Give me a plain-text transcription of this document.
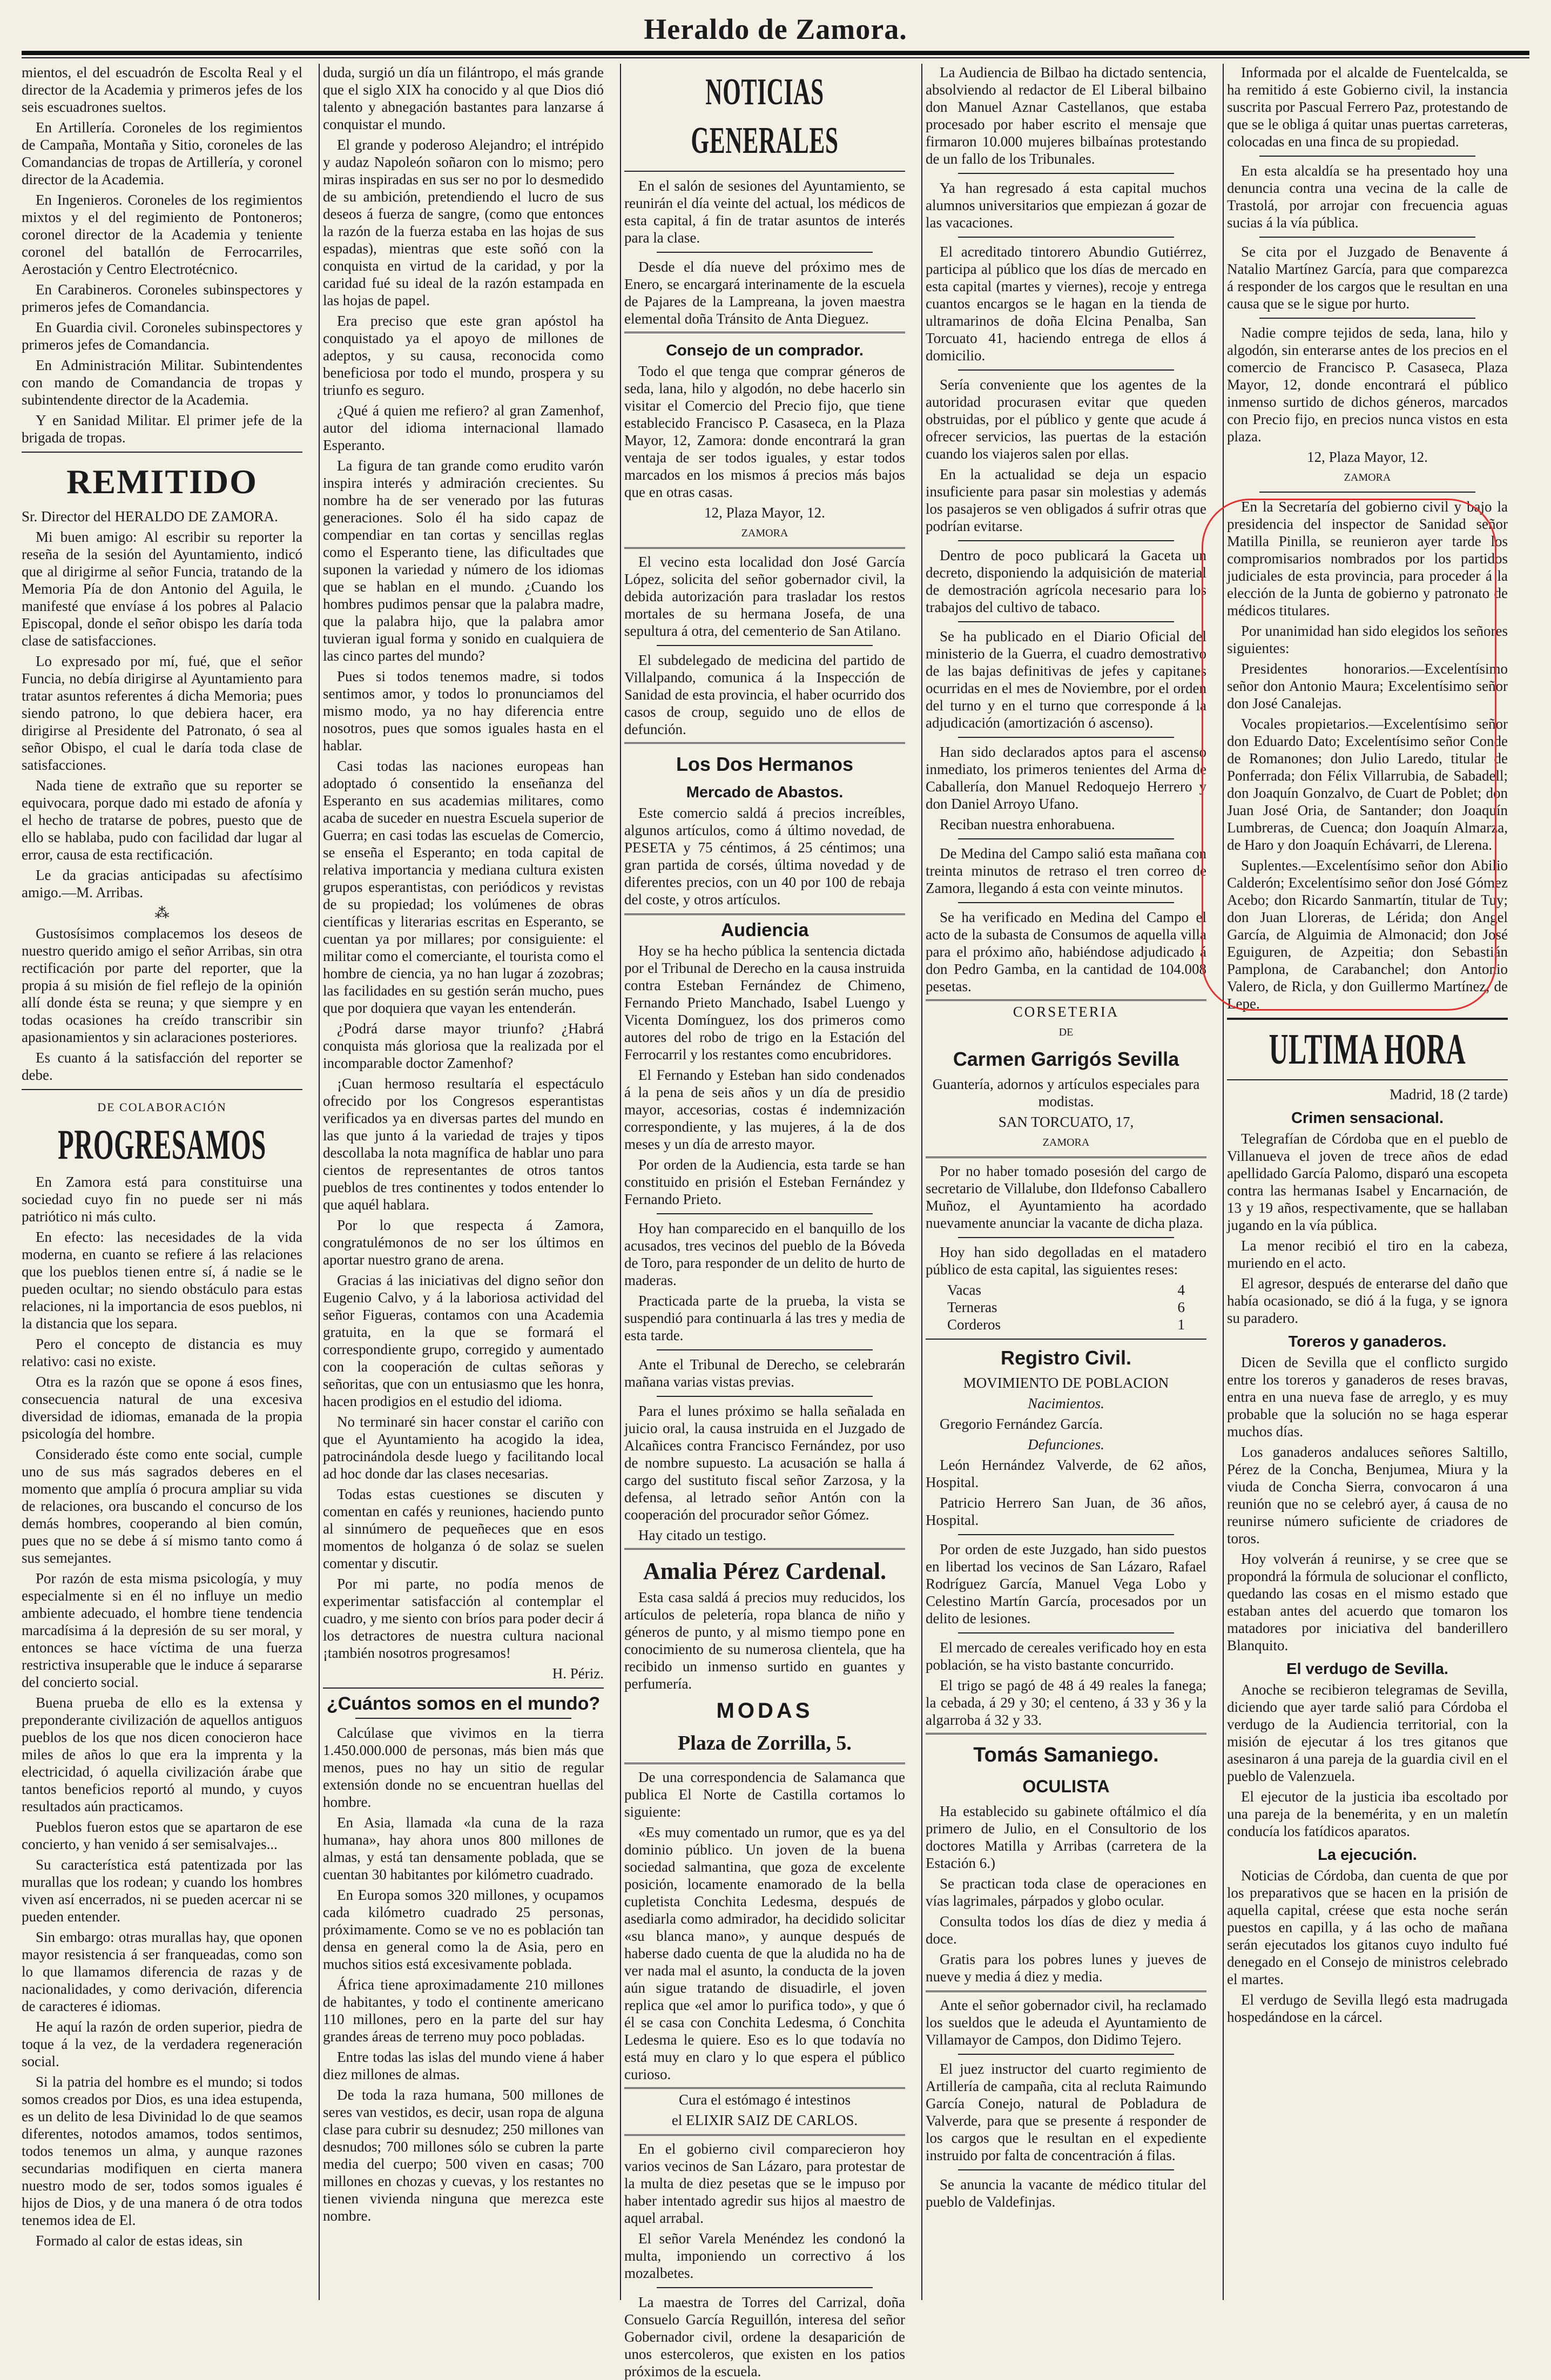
Heraldo de Zamora.

mientos, el del escuadrón de Escolta Real y el director de la Academia y primeros jefes de los seis escuadrones sueltos.

En Artillería. Coroneles de los regimientos de Campaña, Montaña y Sitio, coroneles de las Comandancias de tropas de Artillería, y coronel director de la Academia.

En Ingenieros. Coroneles de los regimientos mixtos y el del regimiento de Pontoneros; coronel director de la Academia y teniente coronel del batallón de Ferrocarriles, Aerostación y Centro Electrotécnico.

En Carabineros. Coroneles subinspectores y primeros jefes de Comandancia.

En Guardia civil. Coroneles subinspectores y primeros jefes de Comandancia.

En Administración Militar. Subintendentes con mando de Comandancia de tropas y subintendente director de la Academia.

Y en Sanidad Militar. El primer jefe de la brigada de tropas.

REMITIDO

Sr. Director del HERALDO DE ZAMORA.

Mi buen amigo: Al escribir su reporter la reseña de la sesión del Ayuntamiento, indicó que al dirigirme al señor Funcia, tratando de la Memoria Pía de don Antonio del Aguila, le manifesté que envíase á los pobres al Palacio Episcopal, donde el señor obispo les daría toda clase de satisfacciones.

Lo expresado por mí, fué, que el señor Funcia, no debía dirigirse al Ayuntamiento para tratar asuntos referentes á dicha Memoria; pues siendo patrono, lo que debiera hacer, era dirigirse al Presidente del Patronato, ó sea al señor Obispo, el cual le daría toda clase de satisfacciones.

Nada tiene de extraño que su reporter se equivocara, porque dado mi estado de afonía y el hecho de tratarse de pobres, puesto que de ello se hablaba, pudo con facilidad dar lugar al error, causa de esta rectificación.

Le da gracias anticipadas su afectísimo amigo.—M. Arribas.

⁂

Gustosísimos complacemos los deseos de nuestro querido amigo el señor Arribas, sin otra rectificación por parte del reporter, que la propia á su misión de fiel reflejo de la opinión allí donde ésta se reuna; y que siempre y en todas ocasiones ha creído transcribir sin apasionamientos y sin aclaraciones posteriores.

Es cuanto á la satisfacción del reporter se debe.

DE COLABORACIÓN
PROGRESAMOS

En Zamora está para constituirse una sociedad cuyo fin no puede ser ni más patriótico ni más culto.

En efecto: las necesidades de la vida moderna, en cuanto se refiere á las relaciones que los pueblos tienen entre sí, á nadie se le pueden ocultar; no siendo obstáculo para estas relaciones, ni la importancia de esos pueblos, ni la distancia que los separa.

Pero el concepto de distancia es muy relativo: casi no existe.

Otra es la razón que se opone á esos fines, consecuencia natural de una excesiva diversidad de idiomas, emanada de la propia psicología del hombre.

Considerado éste como ente social, cumple uno de sus más sagrados deberes en el momento que amplía ó procura ampliar su vida de relaciones, ora buscando el concurso de los demás hombres, cooperando al bien común, pues que no se debe á sí mismo tanto como á sus semejantes.

Por razón de esta misma psicología, y muy especialmente si en él no influye un medio ambiente adecuado, el hombre tiene tendencia marcadísima á la depresión de su ser moral, y entonces se hace víctima de una fuerza restrictiva insuperable que le induce á separarse del concierto social.

Buena prueba de ello es la extensa y preponderante civilización de aquellos antiguos pueblos de los que nos dicen conocieron hace miles de años lo que era la imprenta y la electricidad, ó aquella civilización árabe que tantos beneficios reportó al mundo, y cuyos resultados aún practicamos.

Pueblos fueron estos que se apartaron de ese concierto, y han venido á ser semisalvajes...

Su característica está patentizada por las murallas que los rodean; y cuando los hombres viven así encerrados, ni se pueden acercar ni se pueden entender.

Sin embargo: otras murallas hay, que oponen mayor resistencia á ser franqueadas, como son lo que llamamos diferencia de razas y de nacionalidades, y como derivación, diferencia de caracteres é idiomas.

He aquí la razón de orden superior, piedra de toque á la vez, de la verdadera regeneración social.

Si la patria del hombre es el mundo; si todos somos creados por Dios, es una idea estupenda, es un delito de lesa Divinidad lo de que seamos diferentes, notodos amamos, todos sentimos, todos tenemos un alma, y aunque razones secundarias modifiquen en cierta manera nuestro modo de ser, todos somos iguales é hijos de Dios, y de una manera ó de otra todos tenemos idea de El.

Formado al calor de estas ideas, sin

duda, surgió un día un filántropo, el más grande que el siglo XIX ha conocido y al que Dios dió talento y abnegación bastantes para lanzarse á conquistar el mundo.

El grande y poderoso Alejandro; el intrépido y audaz Napoleón soñaron con lo mismo; pero miras inspiradas en sus ser no por lo desmedido de su ambición, pretendiendo el lucro de sus deseos á fuerza de sangre, (como que entonces la razón de la fuerza estaba en las hojas de sus espadas), mientras que este soñó con la conquista en virtud de la caridad, y por la caridad fué su ideal de la razón estampada en las hojas de papel.

Era preciso que este gran apóstol ha conquistado ya el apoyo de millones de adeptos, y su causa, reconocida como beneficiosa por todo el mundo, prospera y su triunfo es seguro.

¿Qué á quien me refiero? al gran Zamenhof, autor del idioma internacional llamado Esperanto.

La figura de tan grande como erudito varón inspira interés y admiración crecientes. Su nombre ha de ser venerado por las futuras generaciones. Solo él ha sido capaz de compendiar en tan cortas y sencillas reglas como el Esperanto tiene, las dificultades que suponen la variedad y número de los idiomas que se hablan en el mundo. ¿Cuando los hombres pudimos pensar que la palabra madre, que la palabra hijo, que la palabra amor tuvieran igual forma y sonido en cualquiera de las cinco partes del mundo?

Pues si todos tenemos madre, si todos sentimos amor, y todos lo pronunciamos del mismo modo, ya no hay diferencia entre nosotros, pues que somos iguales hasta en el hablar.

Casi todas las naciones europeas han adoptado ó consentido la enseñanza del Esperanto en sus academias militares, como acaba de suceder en nuestra Escuela superior de Guerra; en casi todas las escuelas de Comercio, se enseña el Esperanto; en toda capital de relativa importancia y mediana cultura existen grupos esperantistas, con periódicos y revistas de su propiedad; los volúmenes de obras científicas y literarias escritas en Esperanto, se cuentan ya por millares; por consiguiente: el militar como el comerciante, el tourista como el hombre de ciencia, ya no han lugar á zozobras; las facilidades en su gestión serán mucho, pues que por doquiera que vayan les entenderán.

¿Podrá darse mayor triunfo? ¿Habrá conquista más gloriosa que la realizada por el incomparable doctor Zamenhof?

¡Cuan hermoso resultaría el espectáculo ofrecido por los Congresos esperantistas verificados ya en diversas partes del mundo en las que junto á la variedad de trajes y tipos descollaba la nota magnífica de hablar uno para cientos de representantes de otros tantos pueblos de tres continentes y todos entender lo que aquél hablara.

Por lo que respecta á Zamora, congratulémonos de no ser los últimos en aportar nuestro grano de arena.

Gracias á las iniciativas del digno señor don Eugenio Calvo, y á la laboriosa actividad del señor Figueras, contamos con una Academia gratuita, en la que se formará el correspondiente grupo, corregido y aumentado con la cooperación de cultas señoras y señoritas, que con un entusiasmo que les honra, hacen prodigios en el estudio del idioma.

No terminaré sin hacer constar el cariño con que el Ayuntamiento ha acogido la idea, patrocinándola desde luego y facilitando local ad hoc donde dar las clases necesarias.

Todas estas cuestiones se discuten y comentan en cafés y reuniones, haciendo punto al sinnúmero de pequeñeces que en esos momentos de holganza ó de solaz se suelen comentar y discutir.

Por mi parte, no podía menos de experimentar satisfacción al contemplar el cuadro, y me siento con bríos para poder decir á los detractores de nuestra cultura nacional ¡también nosotros progresamos!

H. Périz.

¿Cuántos somos en el mundo?

Calcúlase que vivimos en la tierra 1.450.000.000 de personas, más bien más que menos, pues no hay un sitio de regular extensión donde no se encuentran huellas del hombre.

En Asia, llamada «la cuna de la raza humana», hay ahora unos 800 millones de almas, y está tan densamente poblada, que se cuentan 30 habitantes por kilómetro cuadrado.

En Europa somos 320 millones, y ocupamos cada kilómetro cuadrado 25 personas, próximamente. Como se ve no es población tan densa en general como la de Asia, pero en muchos sitios está excesivamente poblada.

África tiene aproximadamente 210 millones de habitantes, y todo el continente americano 110 millones, pero en la parte del sur hay grandes áreas de terreno muy poco pobladas.

Entre todas las islas del mundo viene á haber diez millones de almas.

De toda la raza humana, 500 millones de seres van vestidos, es decir, usan ropa de alguna clase para cubrir su desnudez; 250 millones van desnudos; 700 millones sólo se cubren la parte media del cuerpo; 500 viven en casas; 700 millones en chozas y cuevas, y los restantes no tienen vivienda ninguna que merezca este nombre.

NOTICIAS GENERALES

En el salón de sesiones del Ayuntamiento, se reunirán el día veinte del actual, los médicos de esta capital, á fin de tratar asuntos de interés para la clase.

Desde el día nueve del próximo mes de Enero, se encargará interinamente de la escuela de Pajares de la Lampreana, la joven maestra elemental doña Tránsito de Anta Dieguez.

Consejo de un comprador.

Todo el que tenga que comprar géneros de seda, lana, hilo y algodón, no debe hacerlo sin visitar el Comercio del Precio fijo, que tiene establecido Francisco P. Casaseca, en la Plaza Mayor, 12, Zamora: donde encontrará la gran ventaja de ser todos iguales, y estar todos marcados en los mismos á precios más bajos que en otras casas.

12, Plaza Mayor, 12.

ZAMORA

El vecino esta localidad don José García López, solicita del señor gobernador civil, la debida autorización para trasladar los restos mortales de su hermana Josefa, de una sepultura á otra, del cementerio de San Atilano.

El subdelegado de medicina del partido de Villalpando, comunica á la Inspección de Sanidad de esta provincia, el haber ocurrido dos casos de croup, seguido uno de ellos de defunción.

Los Dos Hermanos
Mercado de Abastos.

Este comercio saldá á precios increíbles, algunos artículos, como á último novedad, de PESETA y 75 céntimos, á 25 céntimos; una gran partida de corsés, última novedad y de diferentes precios, con un 40 por 100 de rebaja del coste, y otros artículos.

Audiencia

Hoy se ha hecho pública la sentencia dictada por el Tribunal de Derecho en la causa instruida contra Esteban Fernández de Chimeno, Fernando Prieto Manchado, Isabel Luengo y Vicenta Domínguez, los dos primeros como autores del robo de trigo en la Estación del Ferrocarril y los restantes como encubridores.

El Fernando y Esteban han sido condenados á la pena de seis años y un día de presidio mayor, accesorias, costas é indemnización correspondiente, y las mujeres, á la de dos meses y un día de arresto mayor.

Por orden de la Audiencia, esta tarde se han constituido en prisión el Esteban Fernández y Fernando Prieto.

Hoy han comparecido en el banquillo de los acusados, tres vecinos del pueblo de la Bóveda de Toro, para responder de un delito de hurto de maderas.

Practicada parte de la prueba, la vista se suspendió para continuarla á las tres y media de esta tarde.

Ante el Tribunal de Derecho, se celebrarán mañana varias vistas previas.

Para el lunes próximo se halla señalada en juicio oral, la causa instruida en el Juzgado de Alcañices contra Francisco Fernández, por uso de nombre supuesto. La acusación se halla á cargo del sustituto fiscal señor Zarzosa, y la defensa, al letrado señor Antón con la cooperación del procurador señor Gómez.

Hay citado un testigo.

Amalia Pérez Cardenal.

Esta casa saldá á precios muy reducidos, los artículos de peletería, ropa blanca de niño y géneros de punto, y al mismo tiempo pone en conocimiento de su numerosa clientela, que ha recibido un inmenso surtido en guantes y perfumería.

MODAS
Plaza de Zorrilla, 5.

De una correspondencia de Salamanca que publica El Norte de Castilla cortamos lo siguiente:

«Es muy comentado un rumor, que es ya del dominio público. Un joven de la buena sociedad salmantina, que goza de excelente posición, locamente enamorado de la bella cupletista Conchita Ledesma, después de asediarla como admirador, ha decidido solicitar «su blanca mano», y aunque después de haberse dado cuenta de que la aludida no ha de ver nada mal el asunto, la conducta de la joven aún sigue tratando de disuadirle, el joven replica que «el amor lo purifica todo», y que ó él se casa con Conchita Ledesma, ó Conchita Ledesma le quiere. Eso es lo que todavía no está muy en claro y lo que espera el público curioso.

Cura el estómago é intestinos

el ELIXIR SAIZ DE CARLOS.

En el gobierno civil comparecieron hoy varios vecinos de San Lázaro, para protestar de la multa de diez pesetas que se le impuso por haber intentado agredir sus hijos al maestro de aquel arrabal.

El señor Varela Menéndez les condonó la multa, imponiendo un correctivo á los mozalbetes.

La maestra de Torres del Carrizal, doña Consuelo García Reguillón, interesa del señor Gobernador civil, ordene la desaparición de unos estercoleros, que existen en los patios próximos de la escuela.

La Audiencia de Bilbao ha dictado sentencia, absolviendo al redactor de El Liberal bilbaino don Manuel Aznar Castellanos, que estaba procesado por haber escrito el mensaje que firmaron 10.000 mujeres bilbaínas protestando de un fallo de los Tribunales.

Ya han regresado á esta capital muchos alumnos universitarios que empiezan á gozar de las vacaciones.

El acreditado tintorero Abundio Gutiérrez, participa al público que los días de mercado en esta capital (martes y viernes), recoje y entrega cuantos encargos se le hagan en la tienda de ultramarinos de doña Elcina Penalba, San Torcuato 41, haciendo entrega de ellos á domicilio.

Sería conveniente que los agentes de la autoridad procurasen evitar que queden obstruidas, por el público y gente que acude á ofrecer servicios, las puertas de la estación cuando los viajeros salen por ellas.

En la actualidad se deja un espacio insuficiente para pasar sin molestias y además los pasajeros se ven obligados á sufrir otras que podrían evitarse.

Dentro de poco publicará la Gaceta un decreto, disponiendo la adquisición de material de demostración agrícola necesario para los trabajos del cultivo de tabaco.

Se ha publicado en el Diario Oficial del ministerio de la Guerra, el cuadro demostrativo de las bajas definitivas de jefes y capitanes ocurridas en el mes de Noviembre, por el orden del turno y en el turno que corresponde á la adjudicación (amortización ó ascenso).

Han sido declarados aptos para el ascenso inmediato, los primeros tenientes del Arma de Caballería, don Manuel Redoquejo Herrero y don Daniel Arroyo Ufano.

Reciban nuestra enhorabuena.

De Medina del Campo salió esta mañana con treinta minutos de retraso el tren correo de Zamora, llegando á esta con veinte minutos.

Se ha verificado en Medina del Campo el acto de la subasta de Consumos de aquella villa para el próximo año, habiéndose adjudicado á don Pedro Gamba, en la cantidad de 104.008 pesetas.

CORSETERIA

DE

Carmen Garrigós Sevilla

Guantería, adornos y artículos especiales para modistas.

SAN TORCUATO, 17,

ZAMORA

Por no haber tomado posesión del cargo de secretario de Villalube, don Ildefonso Caballero Muñoz, el Ayuntamiento ha acordado nuevamente anunciar la vacante de dicha plaza.

Hoy han sido degolladas en el matadero público de esta capital, las siguientes reses:

Vacas	4
Terneras	6
Corderos	1
Registro Civil.

MOVIMIENTO DE POBLACION

Nacimientos.

Gregorio Fernández García.

Defunciones.

León Hernández Valverde, de 62 años, Hospital.

Patricio Herrero San Juan, de 36 años, Hospital.

Por orden de este Juzgado, han sido puestos en libertad los vecinos de San Lázaro, Rafael Rodríguez García, Manuel Vega Lobo y Celestino Martín García, procesados por un delito de lesiones.

El mercado de cereales verificado hoy en esta población, se ha visto bastante concurrido.

El trigo se pagó de 48 á 49 reales la fanega; la cebada, á 29 y 30; el centeno, á 33 y 36 y la algarroba á 32 y 33.

Tomás Samaniego.
OCULISTA

Ha establecido su gabinete oftálmico el día primero de Julio, en el Consultorio de los doctores Matilla y Arribas (carretera de la Estación 6.)

Se practican toda clase de operaciones en vías lagrimales, párpados y globo ocular.

Consulta todos los días de diez y media á doce.

Gratis para los pobres lunes y jueves de nueve y media á diez y media.

Ante el señor gobernador civil, ha reclamado los sueldos que le adeuda el Ayuntamiento de Villamayor de Campos, don Didimo Tejero.

El juez instructor del cuarto regimiento de Artillería de campaña, cita al recluta Raimundo García Conejo, natural de Pobladura de Valverde, para que se presente á responder de los cargos que le resultan en el expediente instruido por falta de concentración á filas.

Se anuncia la vacante de médico titular del pueblo de Valdefinjas.

Informada por el alcalde de Fuentelcalda, se ha remitido á este Gobierno civil, la instancia suscrita por Pascual Ferrero Paz, protestando de que se le obliga á quitar unas puertas carreteras, colocadas en una finca de su propiedad.

En esta alcaldía se ha presentado hoy una denuncia contra una vecina de la calle de Trastolá, por arrojar con frecuencia aguas sucias á la vía pública.

Se cita por el Juzgado de Benavente á Natalio Martínez García, para que comparezca á responder de los cargos que le resultan en una causa que se le sigue por hurto.

Nadie compre tejidos de seda, lana, hilo y algodón, sin enterarse antes de los precios en el comercio de Francisco P. Casaseca, Plaza Mayor, 12, donde encontrará el público inmenso surtido de dichos géneros, marcados con Precio fijo, en precios nunca vistos en esta plaza.

12, Plaza Mayor, 12.

ZAMORA

En la Secretaría del gobierno civil y bajo la presidencia del inspector de Sanidad señor Matilla Pinilla, se reunieron ayer tarde los compromisarios nombrados por los partidos judiciales de esta provincia, para proceder á la elección de la Junta de gobierno y patronato de médicos titulares.

Por unanimidad han sido elegidos los señores siguientes:

Presidentes honorarios.—Excelentísimo señor don Antonio Maura; Excelentísimo señor don José Canalejas.

Vocales propietarios.—Excelentísimo señor don Eduardo Dato; Excelentísimo señor Conde de Romanones; don Julio Laredo, titular de Ponferrada; don Félix Villarrubia, de Sabadell; don Joaquín Gonzalvo, de Cuart de Poblet; don Juan José Oria, de Santander; don Joaquín Lumbreras, de Cuenca; don Joaquín Almarza, de Haro y don Joaquín Echávarri, de Llerena.

Suplentes.—Excelentísimo señor don Abilio Calderón; Excelentísimo señor don José Gómez Acebo; don Ricardo Sanmartín, titular de Tuy; don Juan Lloreras, de Lérida; don Angel García, de Alguimia de Almonacid; don José Eguiguren, de Azpeitia; don Sebastián Pamplona, de Carabanchel; don Antonio Valero, de Ricla, y don Guillermo Martínez, de Lepe.

ULTIMA HORA

Madrid, 18 (2 tarde)

Crimen sensacional.

Telegrafían de Córdoba que en el pueblo de Villanueva el joven de trece años de edad apellidado García Palomo, disparó una escopeta contra las hermanas Isabel y Encarnación, de 13 y 19 años, respectivamente, que se hallaban jugando en la vía pública.

La menor recibió el tiro en la cabeza, muriendo en el acto.

El agresor, después de enterarse del daño que había ocasionado, se dió á la fuga, y se ignora su paradero.

Toreros y ganaderos.

Dicen de Sevilla que el conflicto surgido entre los toreros y ganaderos de reses bravas, entra en una nueva fase de arreglo, y es muy probable que la solución no se haga esperar muchos días.

Los ganaderos andaluces señores Saltillo, Pérez de la Concha, Benjumea, Miura y la viuda de Concha Sierra, convocaron á una reunión que no se celebró ayer, á causa de no reunirse número suficiente de criadores de toros.

Hoy volverán á reunirse, y se cree que se propondrá la fórmula de solucionar el conflicto, quedando las cosas en el mismo estado que estaban antes del acuerdo que tomaron los matadores por iniciativa del banderillero Blanquito.

El verdugo de Sevilla.

Anoche se recibieron telegramas de Sevilla, diciendo que ayer tarde salió para Córdoba el verdugo de la Audiencia territorial, con la misión de ejecutar á los tres gitanos que asesinaron á una pareja de la guardia civil en el pueblo de Valenzuela.

El ejecutor de la justicia iba escoltado por una pareja de la benemérita, y en un maletín conducía los fatídicos aparatos.

La ejecución.

Noticias de Córdoba, dan cuenta de que por los preparativos que se hacen en la prisión de aquella capital, créese que esta noche serán puestos en capilla, y á las ocho de mañana serán ejecutados los gitanos cuyo indulto fué denegado en el Consejo de ministros celebrado el martes.

El verdugo de Sevilla llegó esta madrugada hospedándose en la cárcel.
